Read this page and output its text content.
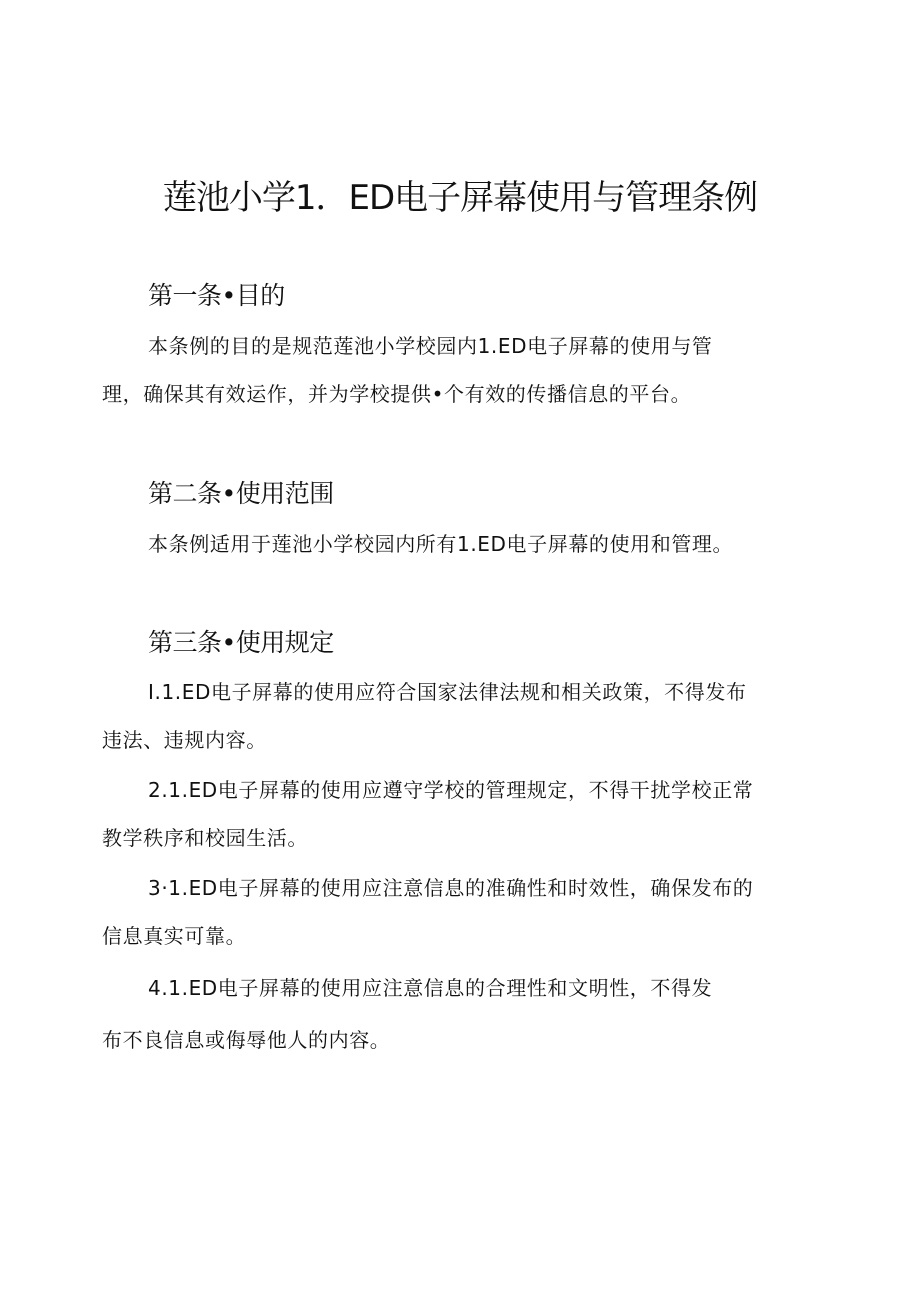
莲池小学1．ED电子屏幕使用与管理条例
第一条•目的

本条例的目的是规范莲池小学校园内1.ED电子屏幕的使用与管

理，确保其有效运作，并为学校提供•个有效的传播信息的平台。

第二条•使用范围

本条例适用于莲池小学校园内所有1.ED电子屏幕的使用和管理。

第三条•使用规定

I.1.ED电子屏幕的使用应符合国家法律法规和相关政策，不得发布

违法、违规内容。

2.1.ED电子屏幕的使用应遵守学校的管理规定，不得干扰学校正常

教学秩序和校园生活。

3·1.ED电子屏幕的使用应注意信息的准确性和时效性，确保发布的

信息真实可靠。

4.1.ED电子屏幕的使用应注意信息的合理性和文明性，不得发

布不良信息或侮辱他人的内容。
